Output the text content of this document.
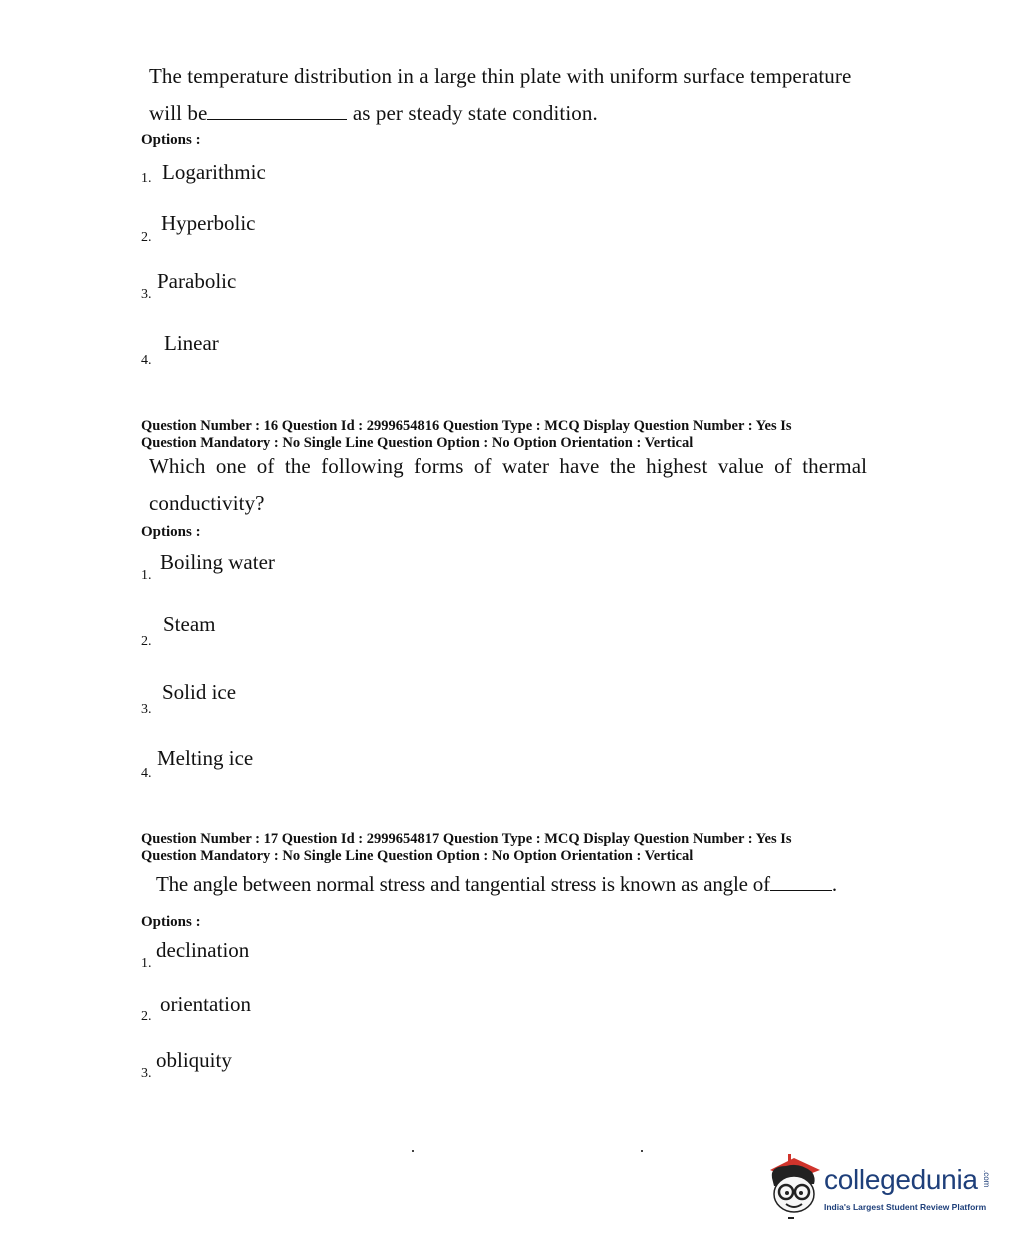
The temperature distribution in a large thin plate with uniform surface temperature
will be	as per steady state condition.
Options :
1. Logarithmic
2.
Hyperbolic
3.
Parabolic
4.
Linear
Question Number : 16 Question Id : 2999654816 Question Type : MCQ Display Question Number : Yes Is
Question Mandatory : No Single Line Question Option : No Option Orientation : Vertical
Which one of the following forms of water have the highest value of thermal
conductivity?
Options :
1.
Boiling water
2.
Steam
3.
Solid ice
4.
Melting ice
Question Number : 17 Question Id : 2999654817 Question Type : MCQ Display Question Number : Yes Is
Question Mandatory : No Single Line Question Option : No Option Orientation : Vertical
The angle between normal stress and tangential stress is known as angle of	.
Options :
1.
declination
2.
orientation
3.
obliquity
collegedunia .com
India's Largest Student Review Platform
